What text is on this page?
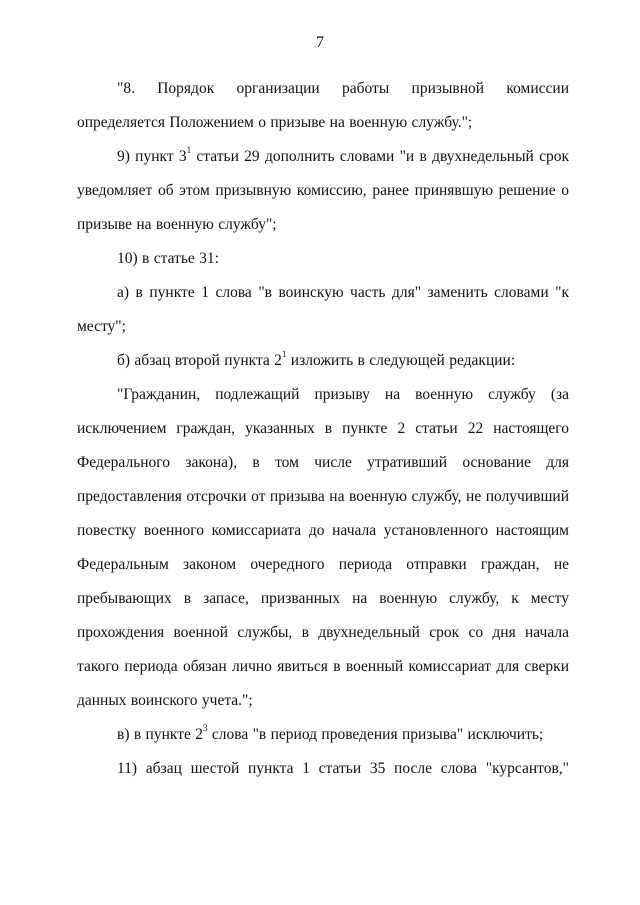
7

"8. Порядок организации работы призывной комиссии определяется Положением о призыве на военную службу.";

9) пункт $3^1$ статьи 29 дополнить словами "и в двухнедельный срок уведомляет об этом призывную комиссию, ранее принявшую решение о призыве на военную службу";

10) в статье 31:

а) в пункте 1 слова "в воинскую часть для" заменить словами "к месту";

б) абзац второй пункта $2^1$ изложить в следующей редакции:

"Гражданин, подлежащий призыву на военную службу (за исключением граждан, указанных в пункте 2 статьи 22 настоящего Федерального закона), в том числе утративший основание для предоставления отсрочки от призыва на военную службу, не получивший повестку военного комиссариата до начала установленного настоящим Федеральным законом очередного периода отправки граждан, не пребывающих в запасе, призванных на военную службу, к месту прохождения военной службы, в двухнедельный срок со дня начала такого периода обязан лично явиться в военный комиссариат для сверки данных воинского учета.";

в) в пункте $2^3$ слова "в период проведения призыва" исключить;

11) абзац шестой пункта 1 статьи 35 после слова "курсантов,"
